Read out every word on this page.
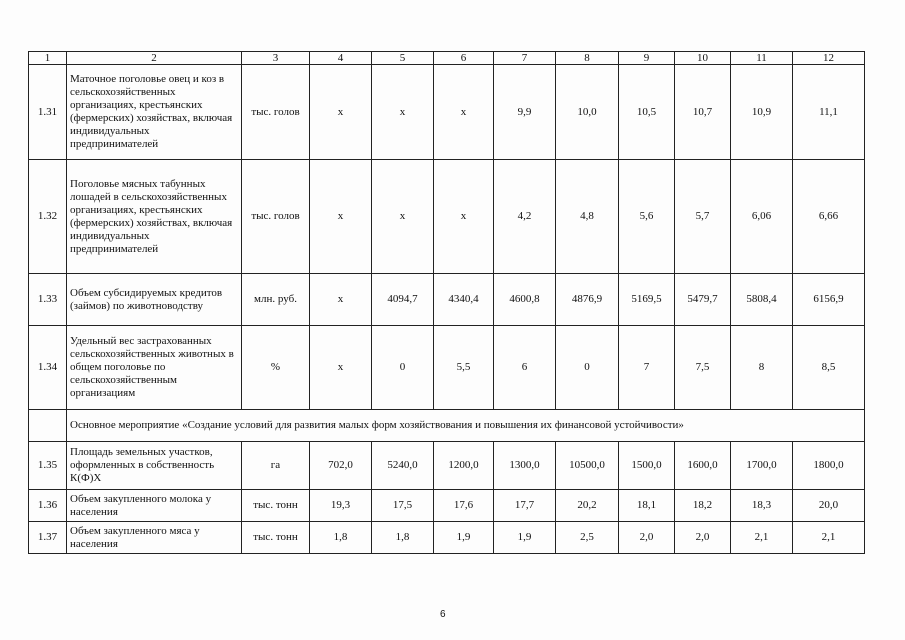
1	2	3	4	5	6	7	8	9	10	11	12
1.31	Маточное поголовье овец и коз в сельскохозяйственных организациях, крестьянских (фермерских) хозяйствах, включая индивидуальных предпринимателей	тыс. голов	x	x	x	9,9	10,0	10,5	10,7	10,9	11,1
1.32	Поголовье мясных табунных лошадей в сельскохозяйственных организациях, крестьянских (фермерских) хозяйствах, включая индивидуальных предпринимателей	тыс. голов	x	x	x	4,2	4,8	5,6	5,7	6,06	6,66
1.33	Объем субсидируемых кредитов (займов) по животноводству	млн. руб.	x	4094,7	4340,4	4600,8	4876,9	5169,5	5479,7	5808,4	6156,9
1.34	Удельный вес застрахованных сельскохозяйственных животных в общем поголовье по сельскохозяйственным организациям	%	x	0	5,5	6	0	7	7,5	8	8,5
	Основное мероприятие «Создание условий для развития малых форм хозяйствования и повышения их финансовой устойчивости»										
1.35	Площадь земельных участков, оформленных в собственность К(Ф)Х	га	702,0	5240,0	1200,0	1300,0	10500,0	1500,0	1600,0	1700,0	1800,0
1.36	Объем закупленного молока у населения	тыс. тонн	19,3	17,5	17,6	17,7	20,2	18,1	18,2	18,3	20,0
1.37	Объем закупленного мяса у населения	тыс. тонн	1,8	1,8	1,9	1,9	2,5	2,0	2,0	2,1	2,1
6
